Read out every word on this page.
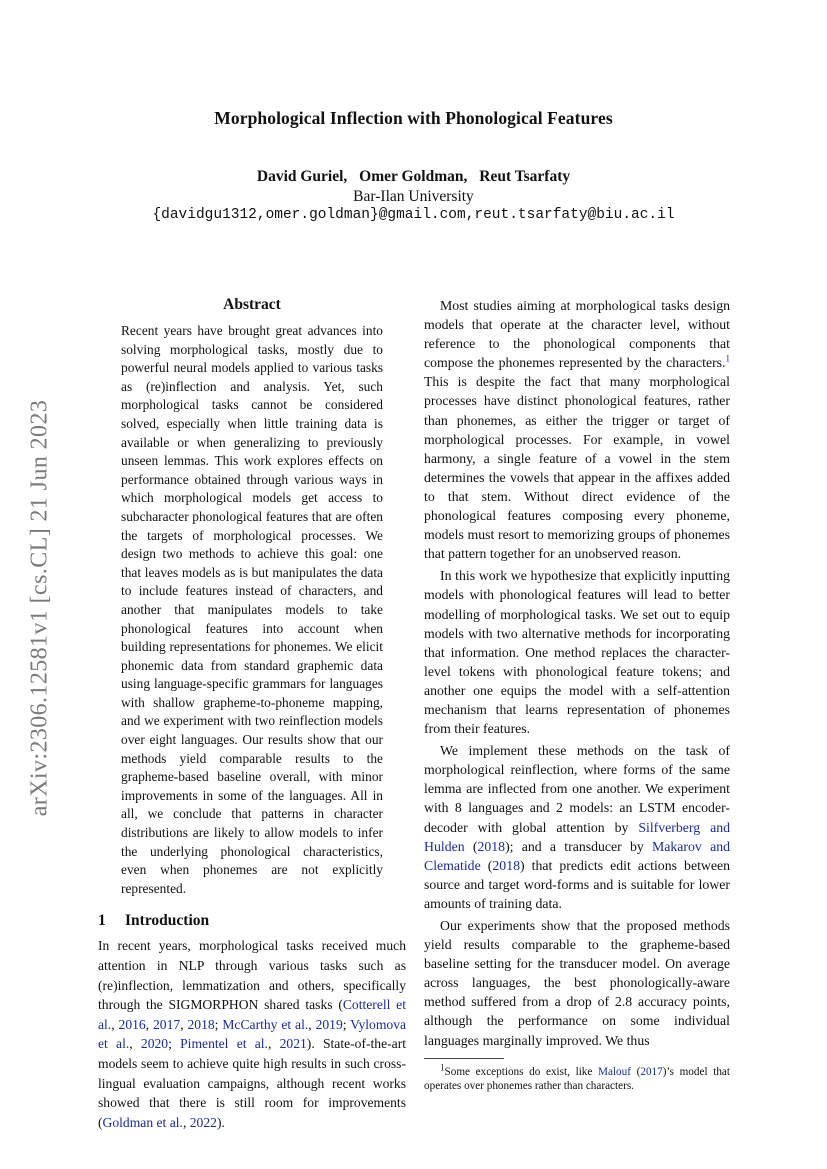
Morphological Inflection with Phonological Features
David Guriel, Omer Goldman, Reut Tsarfaty
Bar-Ilan University
{davidgu1312,omer.goldman}@gmail.com,reut.tsarfaty@biu.ac.il
arXiv:2306.12581v1 [cs.CL] 21 Jun 2023
Abstract
Recent years have brought great advances into solving morphological tasks, mostly due to powerful neural models applied to various tasks as (re)inflection and analysis. Yet, such morphological tasks cannot be considered solved, especially when little training data is available or when generalizing to previously unseen lemmas. This work explores effects on performance obtained through various ways in which morphological models get access to subcharacter phonological features that are often the targets of morphological processes. We design two methods to achieve this goal: one that leaves models as is but manipulates the data to include features instead of characters, and another that manipulates models to take phonological features into account when building representations for phonemes. We elicit phonemic data from standard graphemic data using language-specific grammars for languages with shallow grapheme-to-phoneme mapping, and we experiment with two reinflection models over eight languages. Our results show that our methods yield comparable results to the grapheme-based baseline overall, with minor improvements in some of the languages. All in all, we conclude that patterns in character distributions are likely to allow models to infer the underlying phonological characteristics, even when phonemes are not explicitly represented.
1 Introduction

In recent years, morphological tasks received much attention in NLP through various tasks such as (re)inflection, lemmatization and others, specifically through the SIGMORPHON shared tasks (Cotterell et al., 2016, 2017, 2018; McCarthy et al., 2019; Vylomova et al., 2020; Pimentel et al., 2021). State-of-the-art models seem to achieve quite high results in such cross-lingual evaluation campaigns, although recent works showed that there is still room for improvements (Goldman et al., 2022).

Most studies aiming at morphological tasks design models that operate at the character level, without reference to the phonological components that compose the phonemes represented by the characters.$^1$ This is despite the fact that many morphological processes have distinct phonological features, rather than phonemes, as either the trigger or target of morphological processes. For example, in vowel harmony, a single feature of a vowel in the stem determines the vowels that appear in the affixes added to that stem. Without direct evidence of the phonological features composing every phoneme, models must resort to memorizing groups of phonemes that pattern together for an unobserved reason.

In this work we hypothesize that explicitly inputting models with phonological features will lead to better modelling of morphological tasks. We set out to equip models with two alternative methods for incorporating that information. One method replaces the character-level tokens with phonological feature tokens; and another one equips the model with a self-attention mechanism that learns representation of phonemes from their features.

We implement these methods on the task of morphological reinflection, where forms of the same lemma are inflected from one another. We experiment with 8 languages and 2 models: an LSTM encoder-decoder with global attention by Silfverberg and Hulden (2018); and a transducer by Makarov and Clematide (2018) that predicts edit actions between source and target word-forms and is suitable for lower amounts of training data.

Our experiments show that the proposed methods yield results comparable to the grapheme-based baseline setting for the transducer model. On average across languages, the best phonologically-aware method suffered from a drop of 2.8 accuracy points, although the performance on some individual languages marginally improved. We thus

$^1$Some exceptions do exist, like Malouf (2017)’s model that operates over phonemes rather than characters.
